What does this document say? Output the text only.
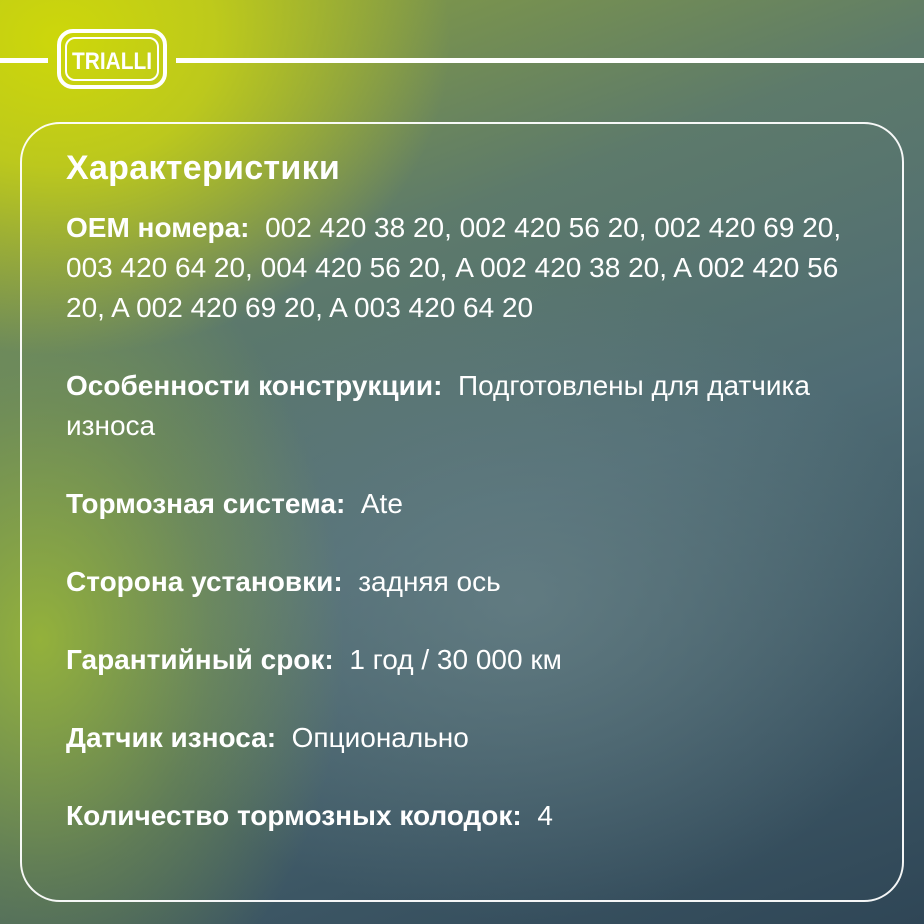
TRIALLI
Характеристики
OEM номера: 002 420 38 20, 002 420 56 20, 002 420 69 20, 003 420 64 20, 004 420 56 20, A 002 420 38 20, A 002 420 56 20, A 002 420 69 20, A 003 420 64 20
Особенности конструкции: Подготовлены для датчика износа
Тормозная система: Ate
Сторона установки: задняя ось
Гарантийный срок: 1 год / 30 000 км
Датчик износа: Опционально
Количество тормозных колодок: 4
